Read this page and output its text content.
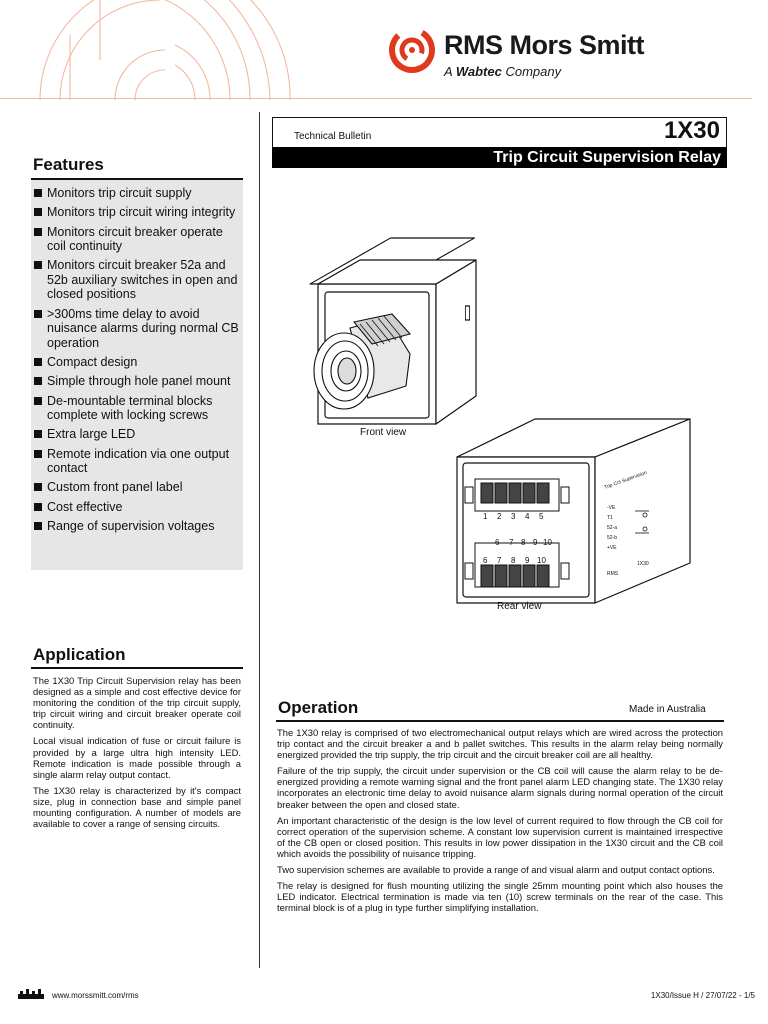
RMS Mors Smitt
A Wabtec Company
Technical Bulletin	1X30
Trip Circuit Supervision Relay
Features
Monitors trip circuit supply
Monitors trip circuit wiring integrity
Monitors circuit breaker operate coil continuity
Monitors circuit breaker 52a and 52b auxiliary switches in open and closed positions
>300ms time delay to avoid nuisance alarms during normal CB operation
Compact design
Simple through hole panel mount
De-mountable terminal blocks complete with locking screws
Extra large LED
Remote indication via one output contact
Custom front panel label
Cost effective
Range of supervision voltages
Application

The 1X30 Trip Circuit Supervision relay has been designed as a simple and cost effective device for monitoring the condition of the trip circuit supply, trip circuit wiring and circuit breaker operate coil continuity.

Local visual indication of fuse or circuit failure is provided by a large ultra high intensity LED. Remote indication is made possible through a single alarm relay output contact.

The 1X30 relay is characterized by it's compact size, plug in connection base and simple panel mounting configuration. A number of models are available to cover a range of sensing circuits.

Front view
1 2 3 4 5
6 7 8 9 10
6 7 8 9 10
Trip Cct Supervision
-VE
T1
52-a
52-b
+VE
RMS
1X30
Rear view
Operation	Made in Australia

The 1X30 relay is comprised of two electromechanical output relays which are wired across the protection trip contact and the circuit breaker a and b pallet switches. This results in the alarm relay being normally energized provided the trip supply, the trip circuit and the circuit breaker coil are all healthy.

Failure of the trip supply, the circuit under supervision or the CB coil will cause the alarm relay to be de-energized providing a remote warning signal and the front panel alarm LED changing state. The 1X30 relay incorporates an electronic time delay to avoid nuisance alarm signals during normal operation of the circuit breaker between the open and closed state.

An important characteristic of the design is the low level of current required to flow through the CB coil for correct operation of the supervision scheme. A constant low supervision current is maintained irrespective of the CB open or closed position. This results in low power dissipation in the 1X30 circuit and the CB coil which avoids the possibility of nuisance tripping.

Two supervision schemes are available to provide a range of and visual alarm and output contact options.

The relay is designed for flush mounting utilizing the single 25mm mounting point which also houses the LED indicator. Electrical termination is made via ten (10) screw terminals on the rear of the case. This terminal block is of a plug in type further simplifying installation.

www.morssmitt.com/rms	1X30/Issue H / 27/07/22 - 1/5
